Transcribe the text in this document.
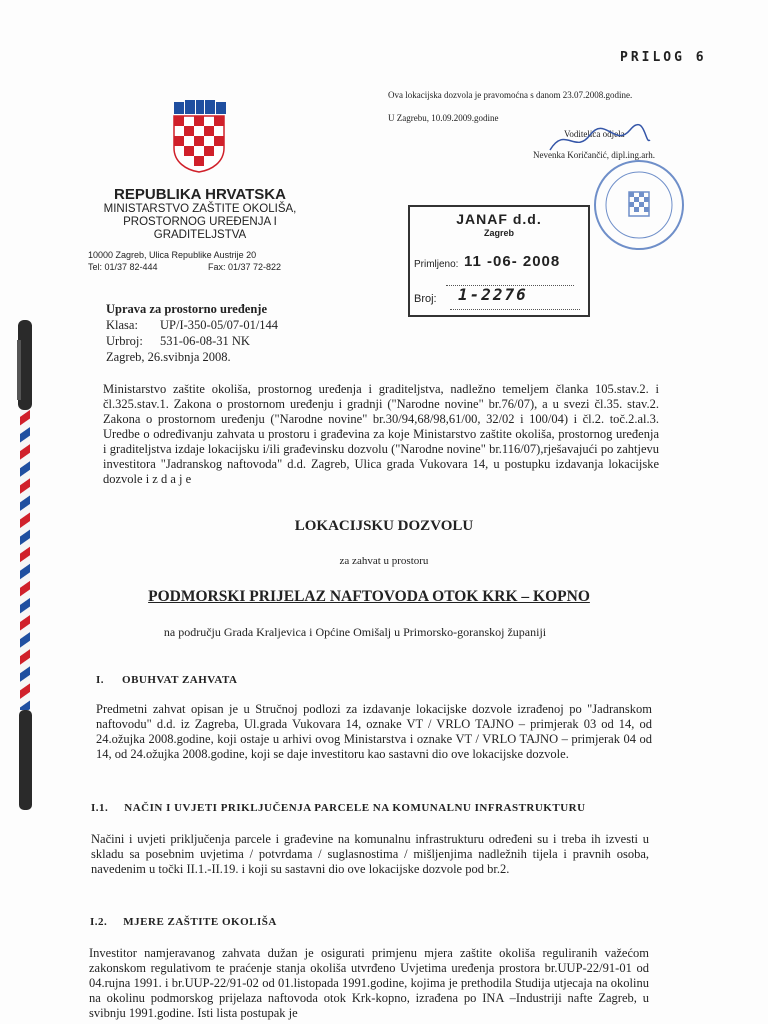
PRILOG 6
Ova lokacijska dozvola je pravomoćna s danom 23.07.2008.godine.
U Zagrebu, 10.09.2009.godine
Voditelica odjela
Nevenka Koričančić, dipl.ing.arh.
REPUBLIKA HRVATSKA
MINISTARSTVO ZAŠTITE OKOLIŠA,
PROSTORNOG UREĐENJA I
GRADITELJSTVA
10000 Zagreb, Ulica Republike Austrije 20
Tel: 01/37 82-444	Fax: 01/37 72-822
JANAF d.d.
Zagreb
Primljeno: 11 -06- 2008
Broj: 1-2276
Uprava za prostorno uređenje
Klasa: UP/I-350-05/07-01/144
Urbroj: 531-06-08-31 NK
Zagreb, 26.svibnja 2008.
Ministarstvo zaštite okoliša, prostornog uređenja i graditeljstva, nadležno temeljem članka 105.stav.2. i čl.325.stav.1. Zakona o prostornom uređenju i gradnji ("Narodne novine" br.76/07), a u svezi čl.35. stav.2. Zakona o prostornom uređenju ("Narodne novine" br.30/94,68/98,61/00, 32/02 i 100/04) i čl.2. toč.2.al.3. Uredbe o određivanju zahvata u prostoru i građevina za koje Ministarstvo zaštite okoliša, prostornog uređenja i graditeljstva izdaje lokacijsku i/ili građevinsku dozvolu ("Narodne novine" br.116/07),rješavajući po zahtjevu investitora "Jadranskog naftovoda" d.d. Zagreb, Ulica grada Vukovara 14, u postupku izdavanja lokacijske dozvole i z d a j e
LOKACIJSKU DOZVOLU
za zahvat u prostoru
PODMORSKI PRIJELAZ NAFTOVODA OTOK KRK – KOPNO
na području Grada Kraljevica i Općine Omišalj u Primorsko-goranskoj županiji
I. OBUHVAT ZAHVATA
Predmetni zahvat opisan je u Stručnoj podlozi za izdavanje lokacijske dozvole izrađenoj po "Jadranskom naftovodu" d.d. iz Zagreba, Ul.grada Vukovara 14, oznake VT / VRLO TAJNO – primjerak 03 od 14, od 24.ožujka 2008.godine, koji ostaje u arhivi ovog Ministarstva i oznake VT / VRLO TAJNO – primjerak 04 od 14, od 24.ožujka 2008.godine, koji se daje investitoru kao sastavni dio ove lokacijske dozvole.
I.1. NAČIN I UVJETI PRIKLJUČENJA PARCELE NA KOMUNALNU INFRASTRUKTURU
Načini i uvjeti priključenja parcele i građevine na komunalnu infrastrukturu određeni su i treba ih izvesti u skladu sa posebnim uvjetima / potvrdama / suglasnostima / mišljenjima nadležnih tijela i pravnih osoba, navedenim u točki II.1.-II.19. i koji su sastavni dio ove lokacijske dozvole pod br.2.
I.2. MJERE ZAŠTITE OKOLIŠA
Investitor namjeravanog zahvata dužan je osigurati primjenu mjera zaštite okoliša reguliranih važećom zakonskom regulativom te praćenje stanja okoliša utvrđeno Uvjetima uređenja prostora br.UUP-22/91-01 od 04.rujna 1991. i br.UUP-22/91-02 od 01.listopada 1991.godine, kojima je prethodila Studija utjecaja na okolinu na okolinu podmorskog prijelaza naftovoda otok Krk-kopno, izrađena po INA –Industriji nafte Zagreb, u svibnju 1991.godine. Isti lista postupak je
